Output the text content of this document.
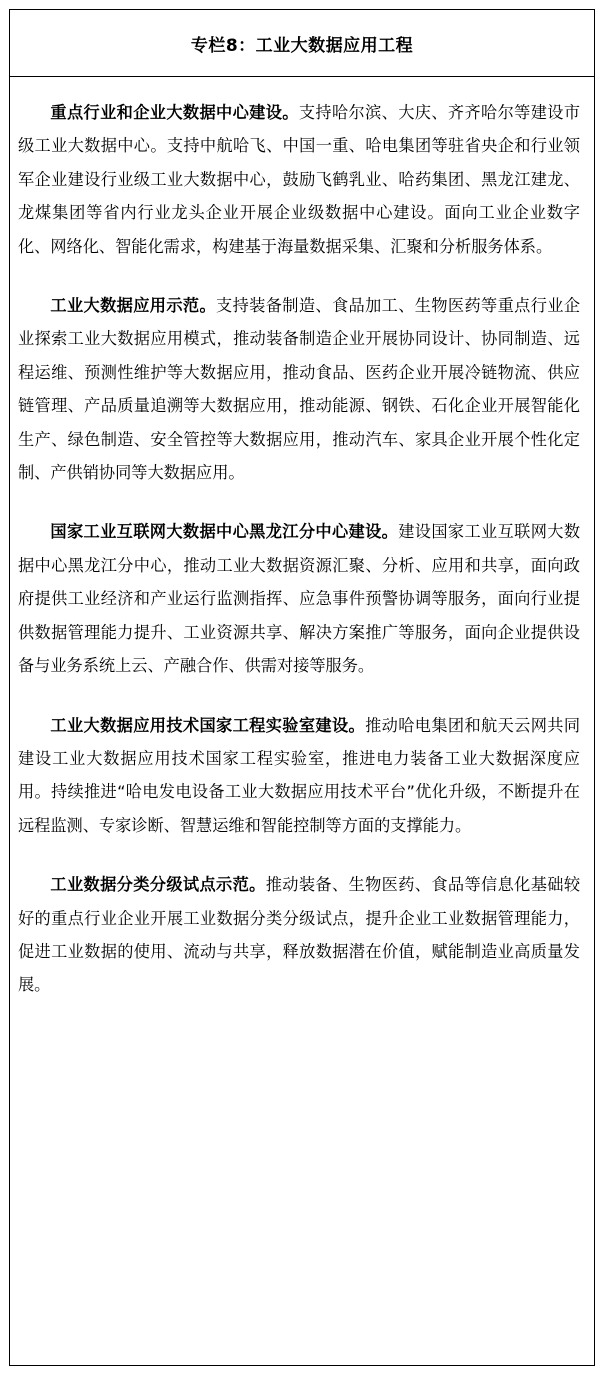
专栏8：工业大数据应用工程

重点行业和企业大数据中心建设。支持哈尔滨、大庆、齐齐哈尔等建设市级工业大数据中心。支持中航哈飞、中国一重、哈电集团等驻省央企和行业领军企业建设行业级工业大数据中心，鼓励飞鹤乳业、哈药集团、黑龙江建龙、龙煤集团等省内行业龙头企业开展企业级数据中心建设。面向工业企业数字化、网络化、智能化需求，构建基于海量数据采集、汇聚和分析服务体系。

工业大数据应用示范。支持装备制造、食品加工、生物医药等重点行业企业探索工业大数据应用模式，推动装备制造企业开展协同设计、协同制造、远程运维、预测性维护等大数据应用，推动食品、医药企业开展冷链物流、供应链管理、产品质量追溯等大数据应用，推动能源、钢铁、石化企业开展智能化生产、绿色制造、安全管控等大数据应用，推动汽车、家具企业开展个性化定制、产供销协同等大数据应用。

国家工业互联网大数据中心黑龙江分中心建设。建设国家工业互联网大数据中心黑龙江分中心，推动工业大数据资源汇聚、分析、应用和共享，面向政府提供工业经济和产业运行监测指挥、应急事件预警协调等服务，面向行业提供数据管理能力提升、工业资源共享、解决方案推广等服务，面向企业提供设备与业务系统上云、产融合作、供需对接等服务。

工业大数据应用技术国家工程实验室建设。推动哈电集团和航天云网共同建设工业大数据应用技术国家工程实验室，推进电力装备工业大数据深度应用。持续推进“哈电发电设备工业大数据应用技术平台”优化升级，不断提升在远程监测、专家诊断、智慧运维和智能控制等方面的支撑能力。

工业数据分类分级试点示范。推动装备、生物医药、食品等信息化基础较好的重点行业企业开展工业数据分类分级试点，提升企业工业数据管理能力，促进工业数据的使用、流动与共享，释放数据潜在价值，赋能制造业高质量发展。
